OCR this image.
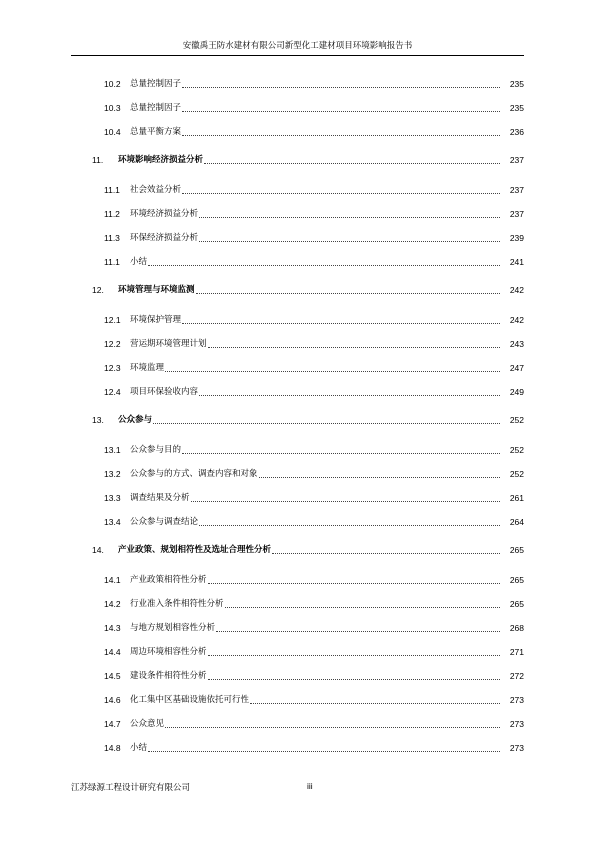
安徽禹王防水建材有限公司新型化工建材项目环境影响报告书
10.2 总量控制因子	235
10.3 总量控制因子	235
10.4 总量平衡方案	236
11. 环境影响经济损益分析	237
11.1 社会效益分析	237
11.2 环境经济损益分析	237
11.3 环保经济损益分析	239
11.1 小结	241
12. 环境管理与环境监测	242
12.1 环境保护管理	242
12.2 营运期环境管理计划	243
12.3 环境监理	247
12.4 项目环保验收内容	249
13. 公众参与	252
13.1 公众参与目的	252
13.2 公众参与的方式、调查内容和对象	252
13.3 调查结果及分析	261
13.4 公众参与调查结论	264
14. 产业政策、规划相符性及选址合理性分析	265
14.1 产业政策相符性分析	265
14.2 行业准入条件相符性分析	265
14.3 与地方规划相容性分析	268
14.4 周边环境相容性分析	271
14.5 建设条件相符性分析	272
14.6 化工集中区基础设施依托可行性	273
14.7 公众意见	273
14.8 小结	273
江苏绿源工程设计研究有限公司	iii
